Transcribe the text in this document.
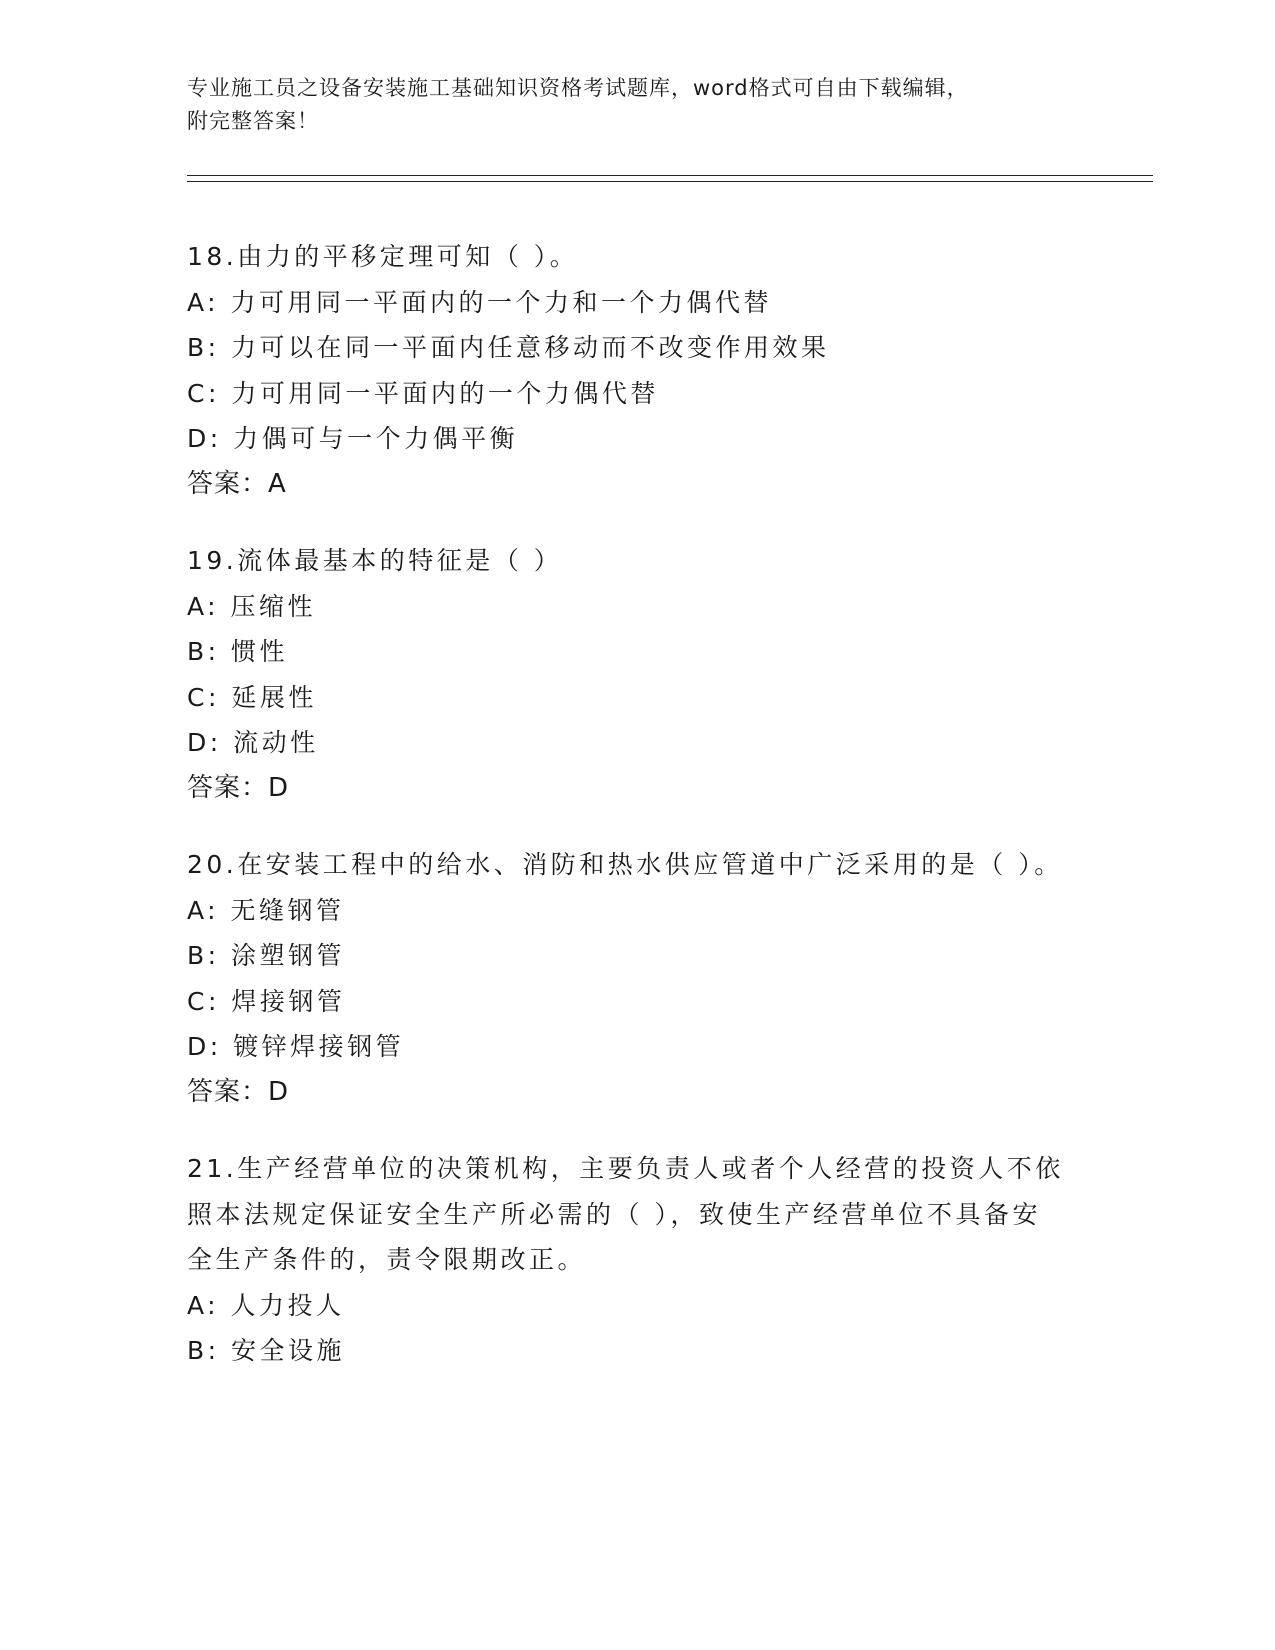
专业施工员之设备安装施工基础知识资格考试题库，word格式可自由下载编辑，
附完整答案！
18.由力的平移定理可知（ ）。
A: 力可用同一平面内的一个力和一个力偶代替
B: 力可以在同一平面内任意移动而不改变作用效果
C: 力可用同一平面内的一个力偶代替
D: 力偶可与一个力偶平衡
答案：A
19.流体最基本的特征是（ ）
A: 压缩性
B: 惯性
C: 延展性
D: 流动性
答案：D
20.在安装工程中的给水、消防和热水供应管道中广泛采用的是（ ）。
A: 无缝钢管
B: 涂塑钢管
C: 焊接钢管
D: 镀锌焊接钢管
答案：D
21.生产经营单位的决策机构，主要负责人或者个人经营的投资人不依照本法规定保证安全生产所必需的（ ），致使生产经营单位不具备安全生产条件的，责令限期改正。
A: 人力投人
B: 安全设施
